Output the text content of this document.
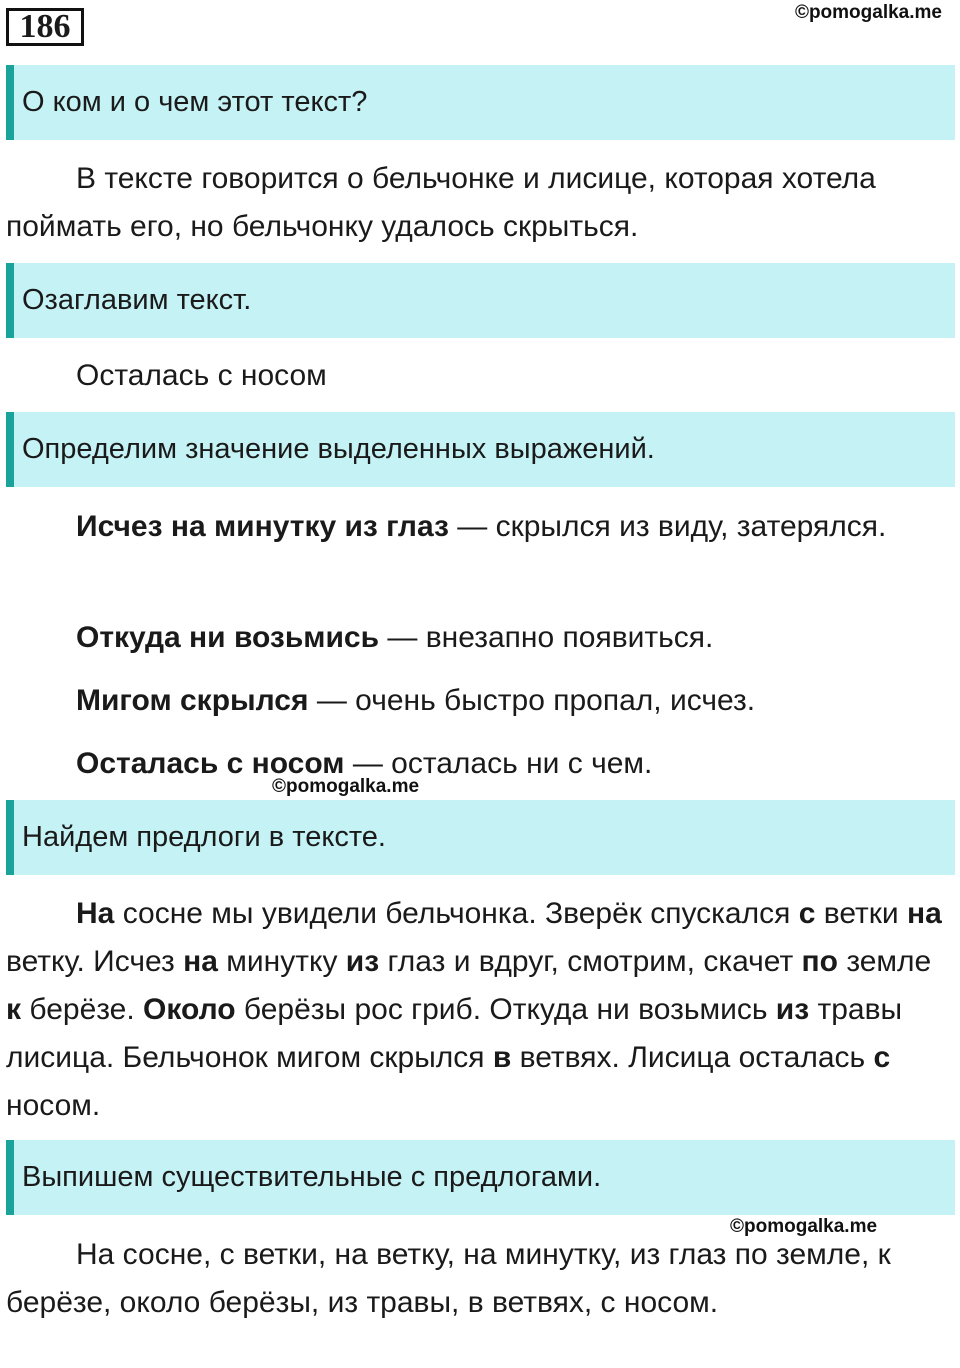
186	©pomogalka.me
О ком и о чем этот текст?

В тексте говорится о бельчонке и лисице, которая хотела поймать его, но бельчонку удалось скрыться.

Озаглавим текст.

Осталась с носом

Определим значение выделенных выражений.

Исчез на минутку из глаз — скрылся из виду, затерялся.

Откуда ни возьмись — внезапно появиться.

Мигом скрылся — очень быстро пропал, исчез.

Осталась с носом — осталась ни с чем.

©pomogalka.me
Найдем предлоги в тексте.

На сосне мы увидели бельчонка. Зверёк спускался с ветки на ветку. Исчез на минутку из глаз и вдруг, смотрим, скачет по земле к берёзе. Около берёзы рос гриб. Откуда ни возьмись из травы лисица. Бельчонок мигом скрылся в ветвях. Лисица осталась с носом.

Выпишем существительные с предлогами.
©pomogalka.me

На сосне, с ветки, на ветку, на минутку, из глаз по земле, к берёзе, около берёзы, из травы, в ветвях, с носом.
